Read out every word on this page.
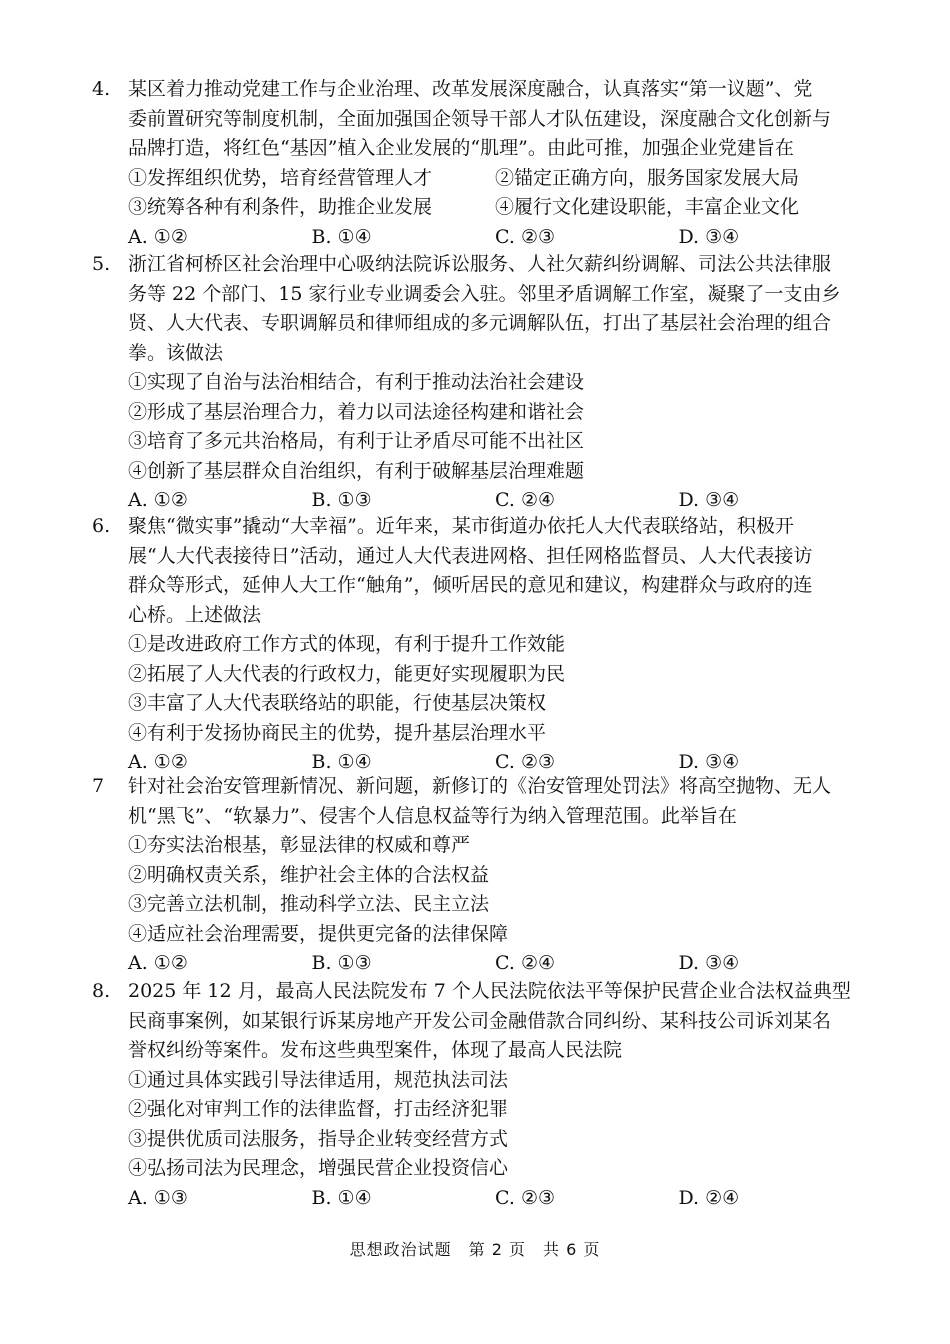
4. 某区着力推动党建工作与企业治理、改革发展深度融合，认真落实“第一议题”、党
委前置研究等制度机制，全面加强国企领导干部人才队伍建设，深度融合文化创新与
品牌打造，将红色“基因”植入企业发展的“肌理”。由此可推，加强企业党建旨在
①发挥组织优势，培育经营管理人才	②锚定正确方向，服务国家发展大局
③统筹各种有利条件，助推企业发展	④履行文化建设职能，丰富企业文化
A. ①②	B. ①④	C. ②③	D. ③④
5. 浙江省柯桥区社会治理中心吸纳法院诉讼服务、人社欠薪纠纷调解、司法公共法律服
务等 22 个部门、15 家行业专业调委会入驻。邻里矛盾调解工作室，凝聚了一支由乡
贤、人大代表、专职调解员和律师组成的多元调解队伍，打出了基层社会治理的组合
拳。该做法
①实现了自治与法治相结合，有利于推动法治社会建设
②形成了基层治理合力，着力以司法途径构建和谐社会
③培育了多元共治格局，有利于让矛盾尽可能不出社区
④创新了基层群众自治组织，有利于破解基层治理难题
A. ①②	B. ①③	C. ②④	D. ③④
6. 聚焦“微实事”撬动“大幸福”。近年来，某市街道办依托人大代表联络站，积极开
展“人大代表接待日”活动，通过人大代表进网格、担任网格监督员、人大代表接访
群众等形式，延伸人大工作“触角”，倾听居民的意见和建议，构建群众与政府的连
心桥。上述做法
①是改进政府工作方式的体现，有利于提升工作效能
②拓展了人大代表的行政权力，能更好实现履职为民
③丰富了人大代表联络站的职能，行使基层决策权
④有利于发扬协商民主的优势，提升基层治理水平
A. ①②	B. ①④	C. ②③	D. ③④
7 针对社会治安管理新情况、新问题，新修订的《治安管理处罚法》将高空抛物、无人
机“黑飞”、“软暴力”、侵害个人信息权益等行为纳入管理范围。此举旨在
①夯实法治根基，彰显法律的权威和尊严
②明确权责关系，维护社会主体的合法权益
③完善立法机制，推动科学立法、民主立法
④适应社会治理需要，提供更完备的法律保障
A. ①②	B. ①③	C. ②④	D. ③④
8. 2025 年 12 月，最高人民法院发布 7 个人民法院依法平等保护民营企业合法权益典型
民商事案例，如某银行诉某房地产开发公司金融借款合同纠纷、某科技公司诉刘某名
誉权纠纷等案件。发布这些典型案件，体现了最高人民法院
①通过具体实践引导法律适用，规范执法司法
②强化对审判工作的法律监督，打击经济犯罪
③提供优质司法服务，指导企业转变经营方式
④弘扬司法为民理念，增强民营企业投资信心
A. ①③	B. ①④	C. ②③	D. ②④
思想政治试题　第 2 页　共 6 页
